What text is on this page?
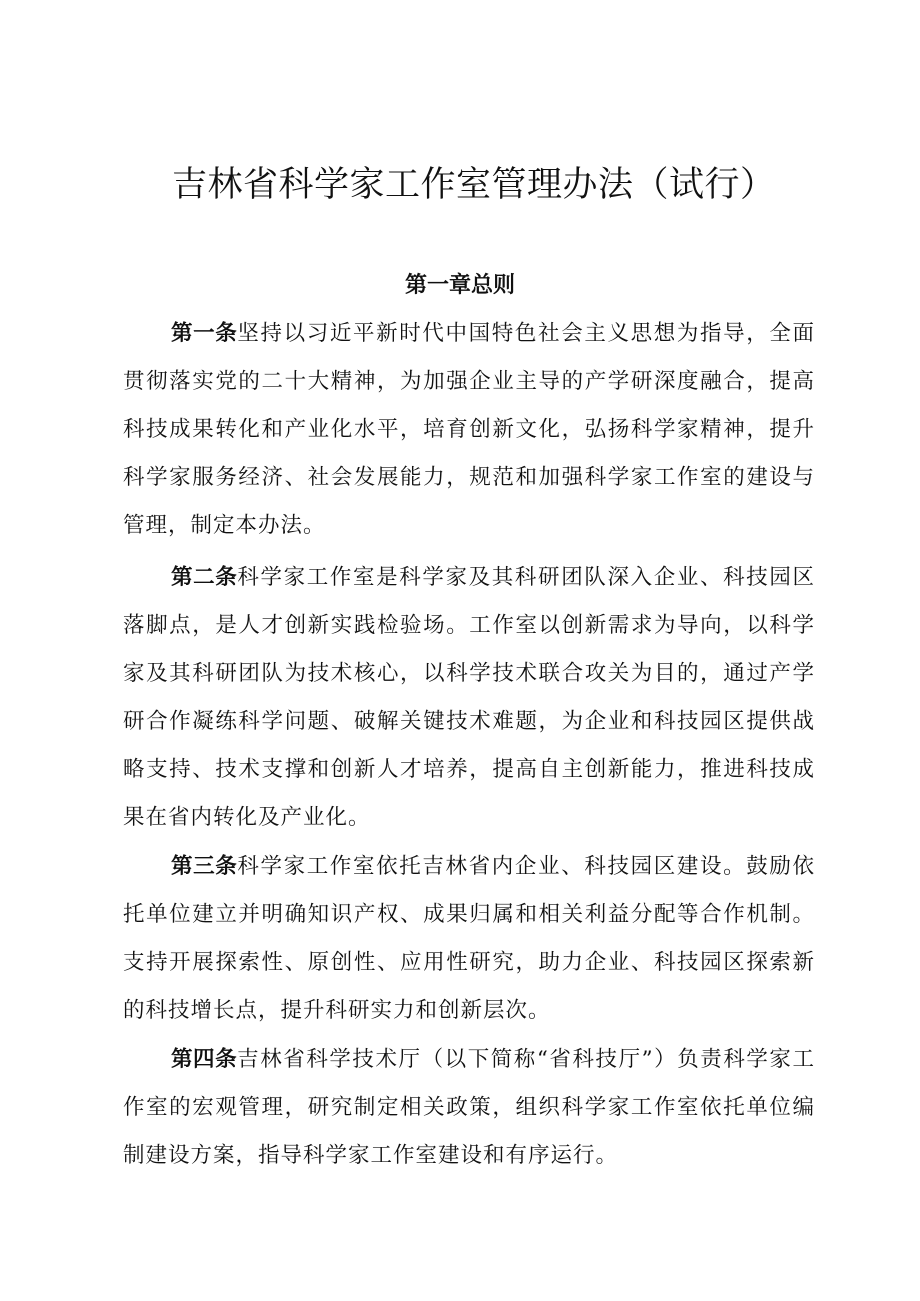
吉林省科学家工作室管理办法（试行）
第一章总则

第一条坚持以习近平新时代中国特色社会主义思想为指导，全面贯彻落实党的二十大精神，为加强企业主导的产学研深度融合，提高科技成果转化和产业化水平，培育创新文化，弘扬科学家精神，提升科学家服务经济、社会发展能力，规范和加强科学家工作室的建设与管理，制定本办法。

第二条科学家工作室是科学家及其科研团队深入企业、科技园区落脚点，是人才创新实践检验场。工作室以创新需求为导向，以科学家及其科研团队为技术核心，以科学技术联合攻关为目的，通过产学研合作凝练科学问题、破解关键技术难题，为企业和科技园区提供战略支持、技术支撑和创新人才培养，提高自主创新能力，推进科技成果在省内转化及产业化。

第三条科学家工作室依托吉林省内企业、科技园区建设。鼓励依托单位建立并明确知识产权、成果归属和相关利益分配等合作机制。支持开展探索性、原创性、应用性研究，助力企业、科技园区探索新的科技增长点，提升科研实力和创新层次。

第四条吉林省科学技术厅（以下简称“省科技厅”）负责科学家工作室的宏观管理，研究制定相关政策，组织科学家工作室依托单位编制建设方案，指导科学家工作室建设和有序运行。
